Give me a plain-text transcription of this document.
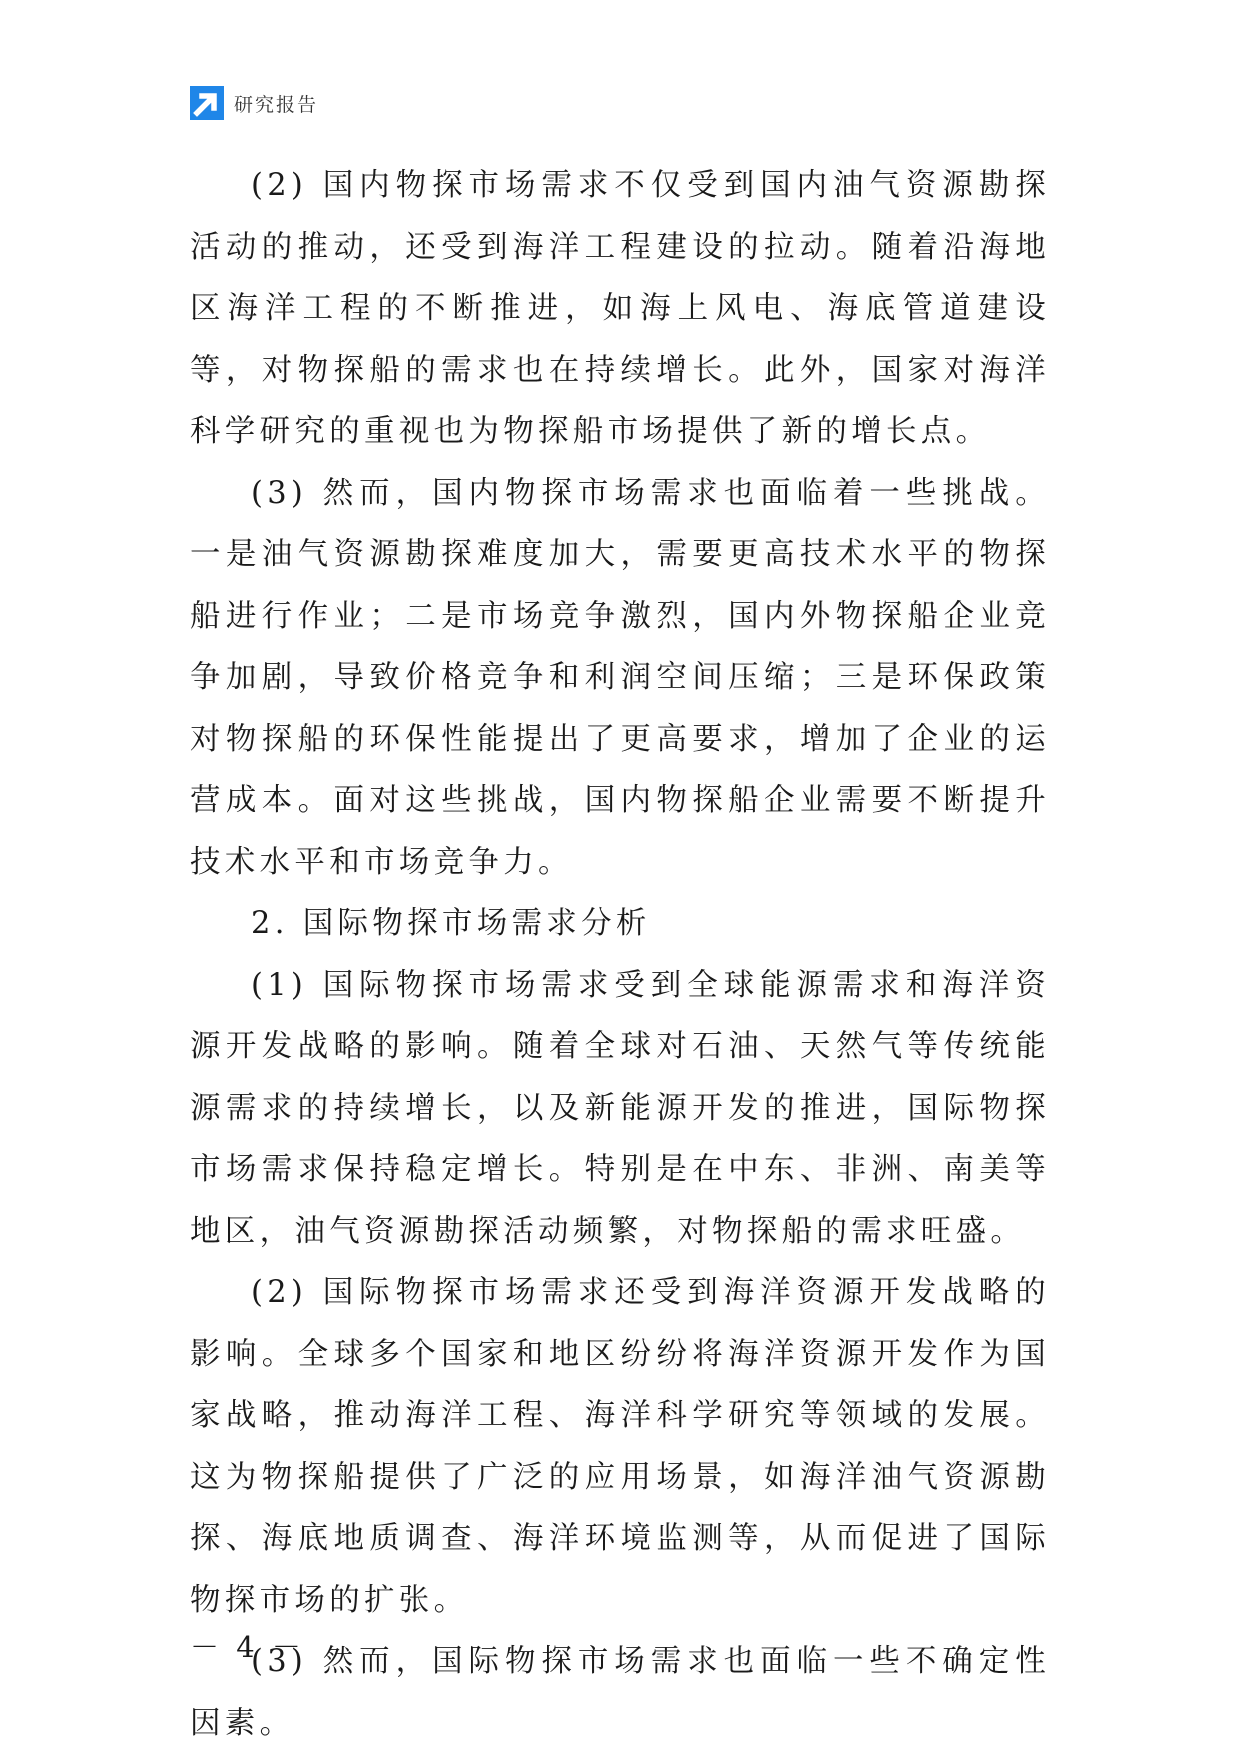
研究报告

(2) 国内物探市场需求不仅受到国内油气资源勘探活动的推动，还受到海洋工程建设的拉动。随着沿海地区海洋工程的不断推进，如海上风电、海底管道建设等，对物探船的需求也在持续增长。此外，国家对海洋科学研究的重视也为物探船市场提供了新的增长点。

(3) 然而，国内物探市场需求也面临着一些挑战。一是油气资源勘探难度加大，需要更高技术水平的物探船进行作业；二是市场竞争激烈，国内外物探船企业竞争加剧，导致价格竞争和利润空间压缩；三是环保政策对物探船的环保性能提出了更高要求，增加了企业的运营成本。面对这些挑战，国内物探船企业需要不断提升技术水平和市场竞争力。

2. 国际物探市场需求分析

(1) 国际物探市场需求受到全球能源需求和海洋资源开发战略的影响。随着全球对石油、天然气等传统能源需求的持续增长，以及新能源开发的推进，国际物探市场需求保持稳定增长。特别是在中东、非洲、南美等地区，油气资源勘探活动频繁，对物探船的需求旺盛。

(2) 国际物探市场需求还受到海洋资源开发战略的影响。全球多个国家和地区纷纷将海洋资源开发作为国家战略，推动海洋工程、海洋科学研究等领域的发展。这为物探船提供了广泛的应用场景，如海洋油气资源勘探、海底地质调查、海洋环境监测等，从而促进了国际物探市场的扩张。

(3) 然而，国际物探市场需求也面临一些不确定性因素。

－ 4 －
